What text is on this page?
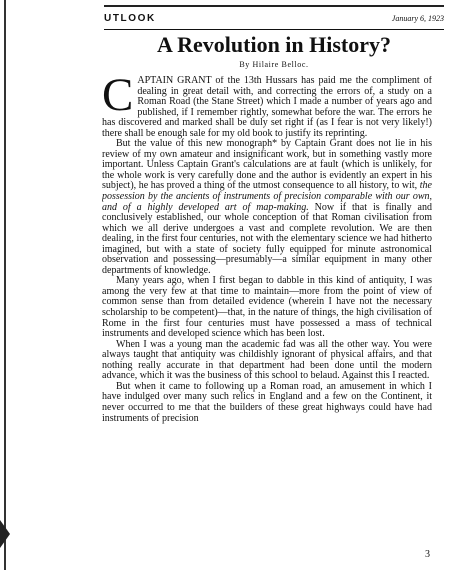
UTLOOK	January 6, 1923
A Revolution in History?
By Hilaire Belloc.

CAPTAIN GRANT of the 13th Hussars has paid me the compliment of dealing in great detail with, and correcting the errors of, a study on a Roman Road (the Stane Street) which I made a number of years ago and published, if I remember rightly, somewhat before the war. The errors he has discovered and marked shall be duly set right if (as I fear is not very likely!) there shall be enough sale for my old book to justify its reprinting.

But the value of this new monograph* by Captain Grant does not lie in his review of my own amateur and insignificant work, but in something vastly more important. Unless Captain Grant's calculations are at fault (which is unlikely, for the whole work is very carefully done and the author is evidently an expert in his subject), he has proved a thing of the utmost consequence to all history, to wit, the possession by the ancients of instruments of precision comparable with our own, and of a highly developed art of map-making. Now if that is finally and conclusively established, our whole conception of that Roman civilisation from which we all derive undergoes a vast and complete revolution. We are then dealing, in the first four centuries, not with the elementary science we had hitherto imagined, but with a state of society fully equipped for minute astronomical observation and possessing—presumably—a similar equipment in many other departments of knowledge.

Many years ago, when I first began to dabble in this kind of antiquity, I was among the very few at that time to maintain—more from the point of view of common sense than from detailed evidence (wherein I have not the necessary scholarship to be competent)—that, in the nature of things, the high civilisation of Rome in the first four centuries must have possessed a mass of technical instruments and developed science which has been lost.

When I was a young man the academic fad was all the other way. You were always taught that antiquity was childishly ignorant of physical affairs, and that nothing really accurate in that department had been done until the modern advance, which it was the business of this school to belaud. Against this I reacted.

But when it came to following up a Roman road, an amusement in which I have indulged over many such relics in England and a few on the Continent, it never occurred to me that the builders of these great highways could have had instruments of precision

3
